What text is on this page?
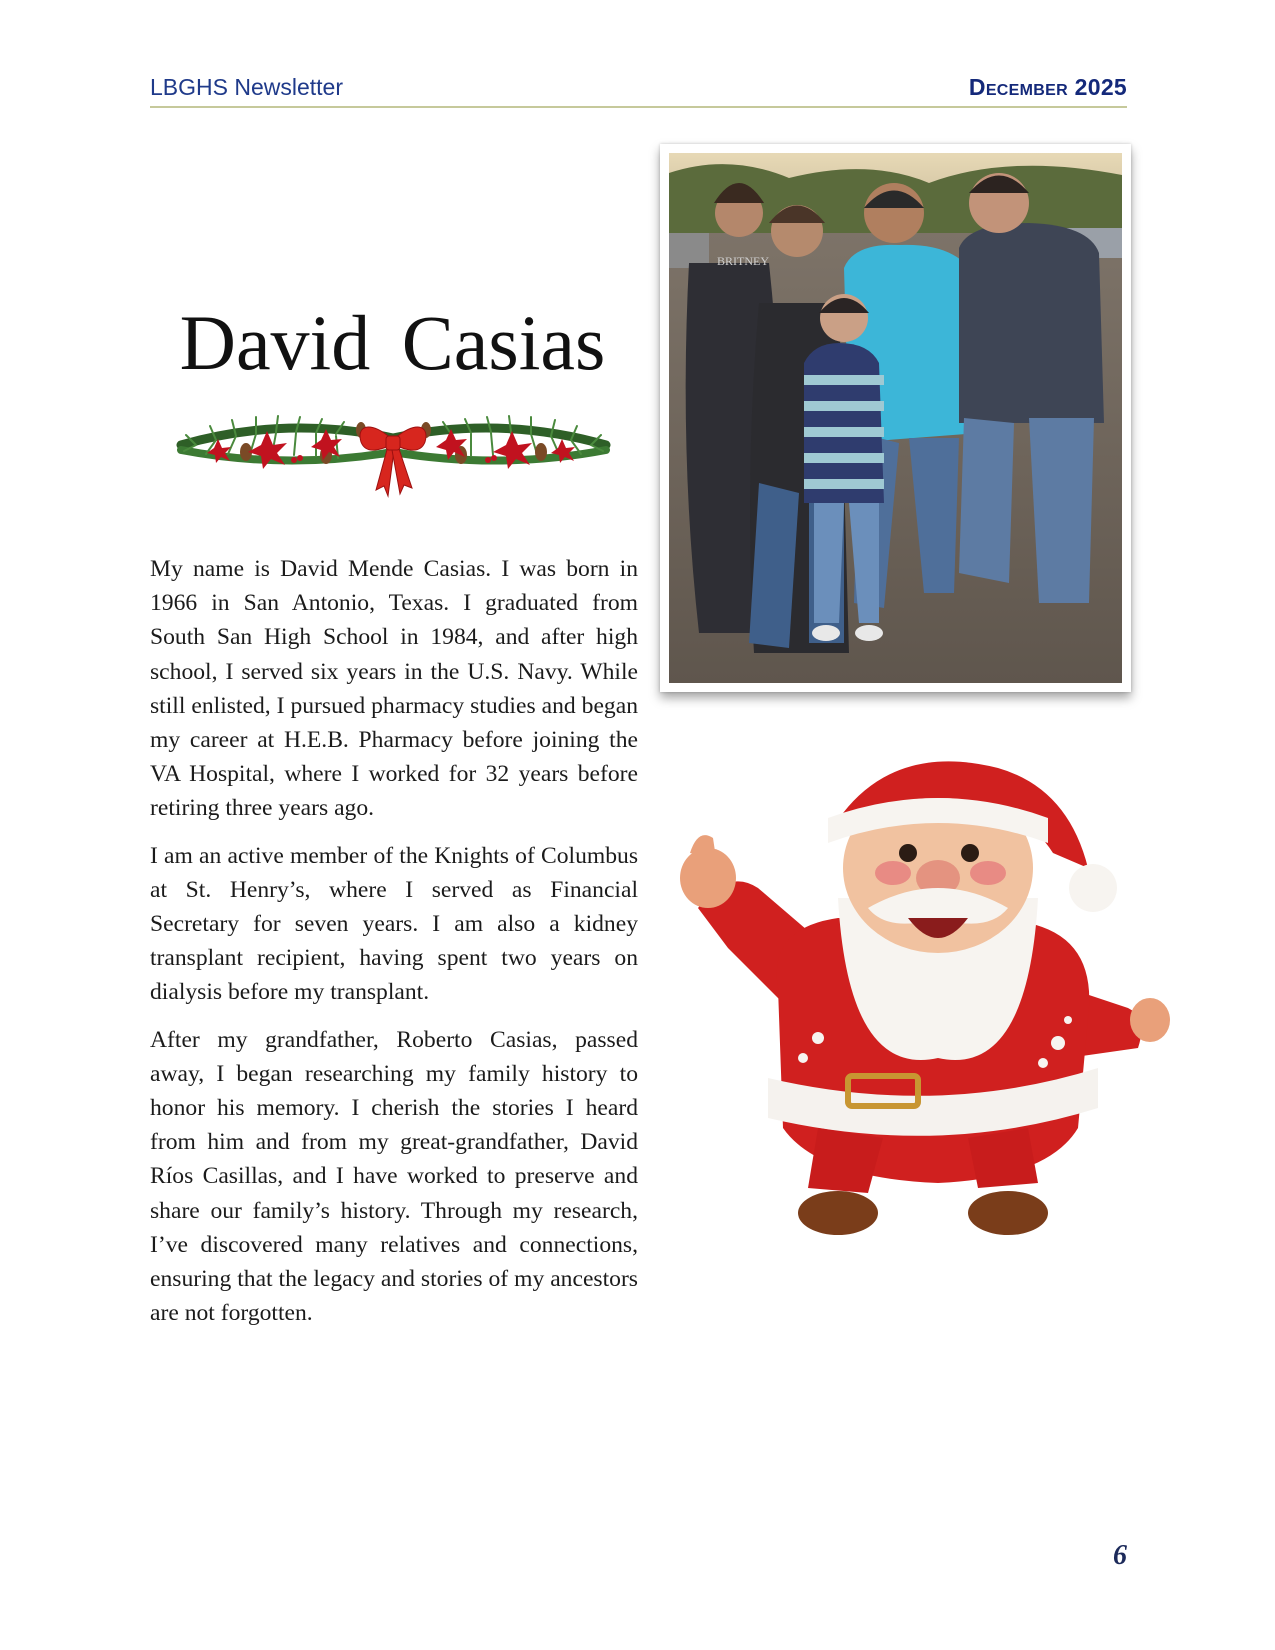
LBGHS Newsletter	December 2025
David Casias

My name is David Mende Casias. I was born in 1966 in San Antonio, Texas. I graduated from South San High School in 1984, and after high school, I served six years in the U.S. Navy. While still enlisted, I pursued pharmacy studies and began my career at H.E.B. Pharmacy before joining the VA Hospital, where I worked for 32 years before retiring three years ago.

I am an active member of the Knights of Columbus at St. Henry’s, where I served as Financial Secretary for seven years. I am also a kidney transplant recipient, having spent two years on dialysis before my transplant.

After my grandfather, Roberto Casias, passed away, I began researching my family history to honor his memory. I cherish the stories I heard from him and from my great-grandfather, David Ríos Casillas, and I have worked to preserve and share our family’s history. Through my research, I’ve discovered many relatives and connections, ensuring that the legacy and stories of my ancestors are not forgotten.

BRITNEY
6
